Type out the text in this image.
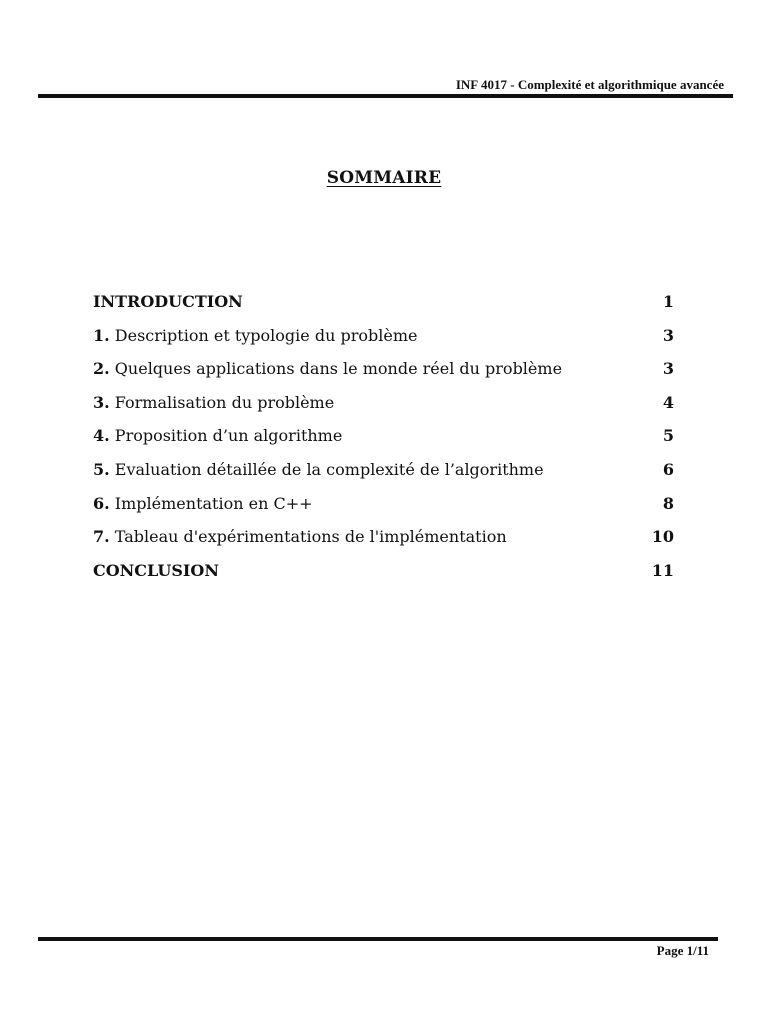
INF 4017 - Complexité et algorithmique avancée
SOMMAIRE
INTRODUCTION	1
1. Description et typologie du problème	3
2. Quelques applications dans le monde réel du problème	3
3. Formalisation du problème	4
4. Proposition d’un algorithme	5
5. Evaluation détaillée de la complexité de l’algorithme	6
6. Implémentation en C++	8
7. Tableau d'expérimentations de l'implémentation	10
CONCLUSION	11
Page 1/11
